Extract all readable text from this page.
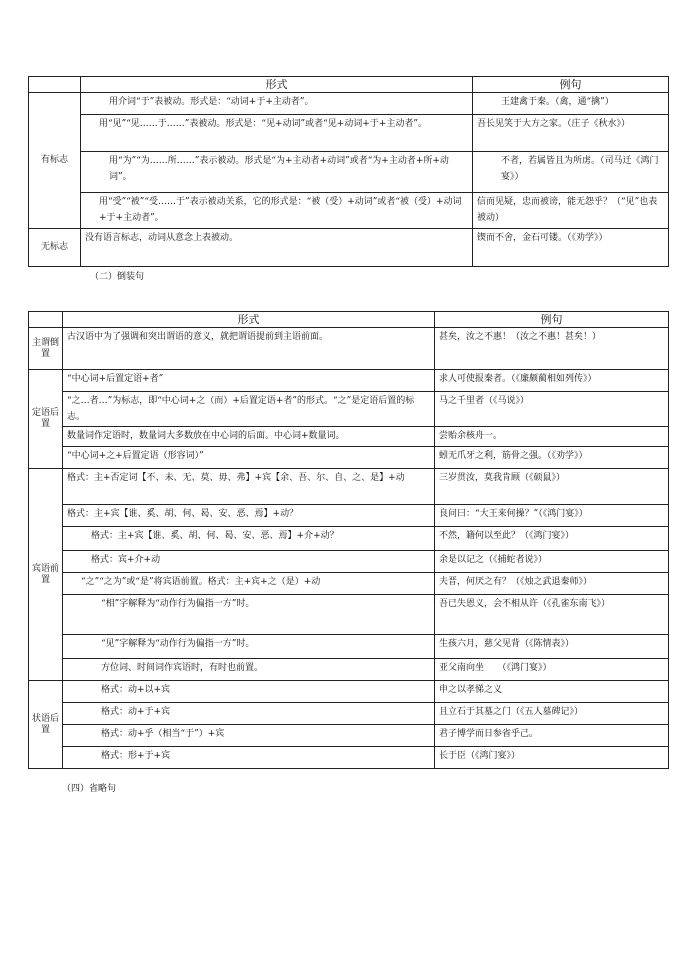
	形式	例句
有标志	用介词“于”表被动。形式是：“动词+于+主动者”。	王建禽于秦。（禽，通“擒”）
	用“见”“见……于……”表被动。形式是：“见+动词”或者“见+动词+于+主动者”。	吾长见笑于大方之家。（庄子《秋水》）
	用“为”“为……所……”表示被动。形式是“为+主动者+动词”或者“为+主动者+所+动词”。	不者，若属皆且为所虏。（司马迁《鸿门宴》）
	用“受”“被”“受……于”表示被动关系，它的形式是：“被（受）+动词”或者“被（受）+动词+于+主动者”。	信而见疑，忠而被谤，能无怨乎？（“见”也表被动）
无标志	没有语言标志，动词从意念上表被动。	锲而不舍，金石可镂。（《劝学》）
（二）倒装句
	形式	例句
主谓倒置	古汉语中为了强调和突出谓语的意义，就把谓语提前到主语前面。	甚矣，汝之不惠！（汝之不惠！甚矣！）
定语后置	“中心词+后置定语+者”	求人可使报秦者。（《廉颇蔺相如列传》）
	“之…者…”为标志，即“中心词+之（而）+后置定语+者”的形式。“之”是定语后置的标志。	马之千里者（《马说》）
	数量词作定语时，数量词大多数放在中心词的后面。中心词+数量词。	尝贻余核舟一。
	“中心词+之+后置定语（形容词）”	蚓无爪牙之利，筋骨之强。（《劝学》）
宾语前置	格式：主+否定词【不、未、无、莫、毋、弗】+宾【余、吾、尔、自、之、是】+动	三岁贯汝，莫我肯顾（《硕鼠》）
	格式：主+宾【谁、奚、胡、何、曷、安、恶、焉】+动？	良问曰：“大王来何操？”（《鸿门宴》）
	格式：主+宾【谁、奚、胡、何、曷、安、恶、焉】+介+动？	不然，籍何以至此？（《鸿门宴》）
	格式：宾+介+动	余是以记之（《捕蛇者说》）
	“之”“之为”或“是”将宾语前置。格式：主+宾+之（是）+动	夫晋，何厌之有？（《烛之武退秦师》）
	“相”字解释为“动作行为偏指一方”时。	吾已失恩义，会不相从许（《孔雀东南飞》）
	“见”字解释为“动作行为偏指一方”时。	生孩六月，慈父见背（《陈情表》）
	方位词、时间词作宾语时，有时也前置。	亚父南向坐　　（《鸿门宴》）
状语后置	格式：动+以+宾	申之以孝悌之义
	格式：动+于+宾	且立石于其墓之门（《五人墓碑记》）
	格式：动+乎（相当“于”）+宾	君子博学而日参省乎己。
	格式：形+于+宾	长于臣（《鸿门宴》）
（四）省略句
